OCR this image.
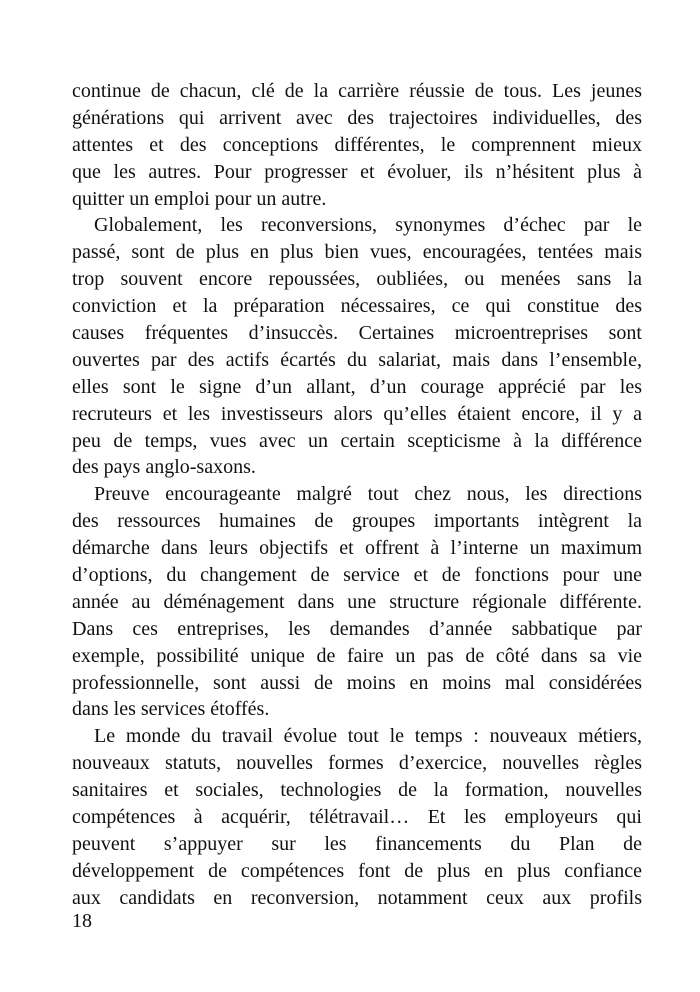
continue de chacun, clé de la carrière réussie de tous. Les jeunes
générations qui arrivent avec des trajectoires individuelles, des
attentes et des conceptions différentes, le comprennent mieux
que les autres. Pour progresser et évoluer, ils n’hésitent plus à
quitter un emploi pour un autre.
Globalement, les reconversions, synonymes d’échec par le
passé, sont de plus en plus bien vues, encouragées, tentées mais
trop souvent encore repoussées, oubliées, ou menées sans la
conviction et la préparation nécessaires, ce qui constitue des
causes fréquentes d’insuccès. Certaines microentreprises sont
ouvertes par des actifs écartés du salariat, mais dans l’ensemble,
elles sont le signe d’un allant, d’un courage apprécié par les
recruteurs et les investisseurs alors qu’elles étaient encore, il y a
peu de temps, vues avec un certain scepticisme à la différence
des pays anglo-saxons.
Preuve encourageante malgré tout chez nous, les directions
des ressources humaines de groupes importants intègrent la
démarche dans leurs objectifs et offrent à l’interne un maximum
d’options, du changement de service et de fonctions pour une
année au déménagement dans une structure régionale différente.
Dans ces entreprises, les demandes d’année sabbatique par
exemple, possibilité unique de faire un pas de côté dans sa vie
professionnelle, sont aussi de moins en moins mal considérées
dans les services étoffés.
Le monde du travail évolue tout le temps : nouveaux métiers,
nouveaux statuts, nouvelles formes d’exercice, nouvelles règles
sanitaires et sociales, technologies de la formation, nouvelles
compétences à acquérir, télétravail… Et les employeurs qui
peuvent s’appuyer sur les financements du Plan de
développement de compétences font de plus en plus confiance
aux candidats en reconversion, notamment ceux aux profils
18
